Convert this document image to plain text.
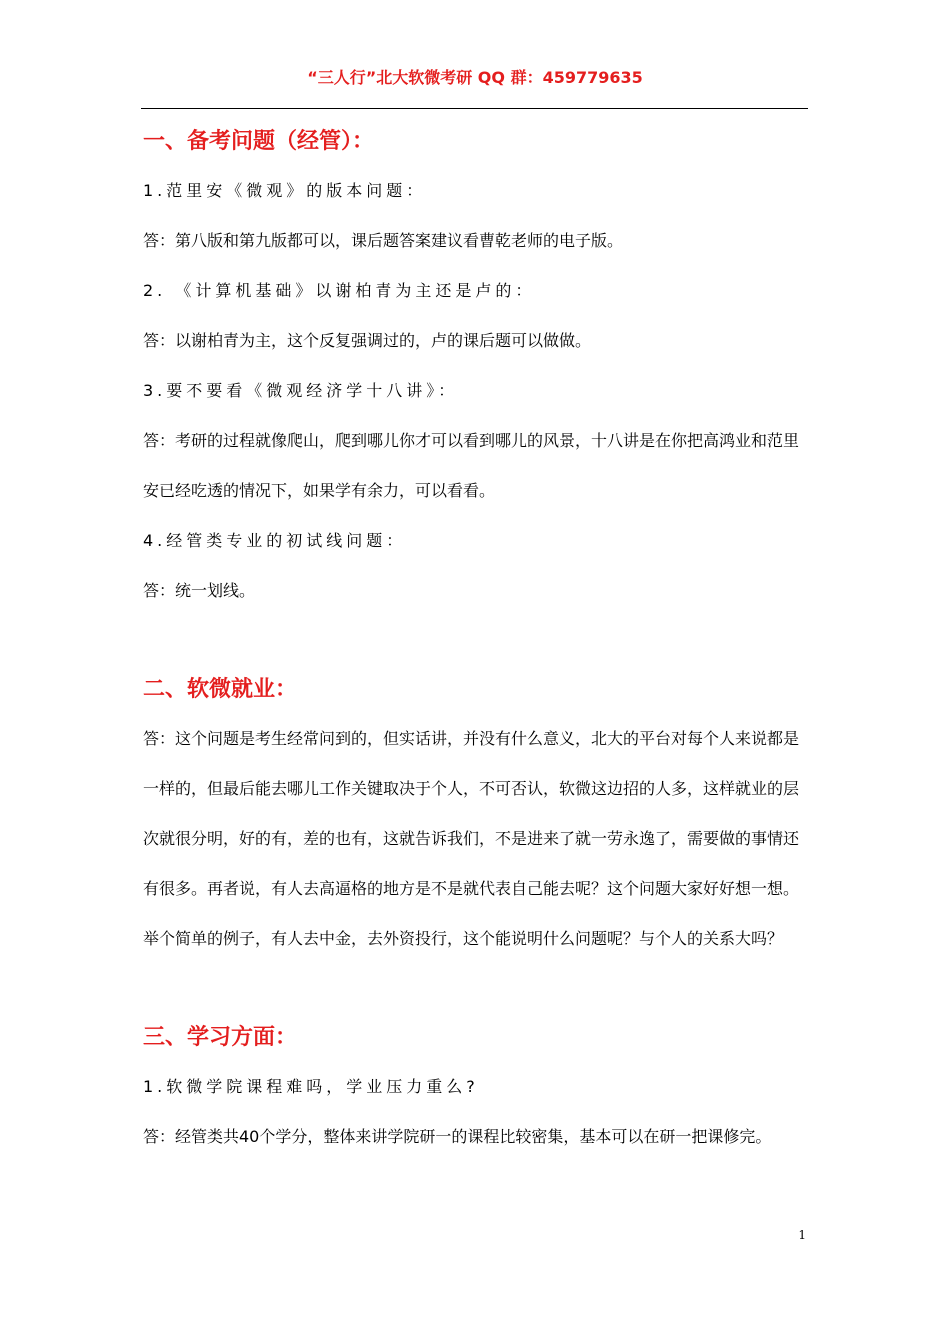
“三人行”北大软微考研 QQ 群：459779635
一、备考问题（经管）：

1.范里安《微观》的版本问题：

答：第八版和第九版都可以，课后题答案建议看曹乾老师的电子版。

2. 《计算机基础》以谢柏青为主还是卢的：

答：以谢柏青为主，这个反复强调过的，卢的课后题可以做做。

3.要不要看《微观经济学十八讲》：

答：考研的过程就像爬山，爬到哪儿你才可以看到哪儿的风景，十八讲是在你把高鸿业和范里安已经吃透的情况下，如果学有余力，可以看看。

4.经管类专业的初试线问题：

答：统一划线。

二、软微就业：

答：这个问题是考生经常问到的，但实话讲，并没有什么意义，北大的平台对每个人来说都是一样的，但最后能去哪儿工作关键取决于个人，不可否认，软微这边招的人多，这样就业的层次就很分明，好的有，差的也有，这就告诉我们，不是进来了就一劳永逸了，需要做的事情还有很多。再者说，有人去高逼格的地方是不是就代表自己能去呢？这个问题大家好好想一想。举个简单的例子，有人去中金，去外资投行，这个能说明什么问题呢？与个人的关系大吗？

三、学习方面：

1.软微学院课程难吗，学业压力重么?

答：经管类共40个学分，整体来讲学院研一的课程比较密集，基本可以在研一把课修完。

1
